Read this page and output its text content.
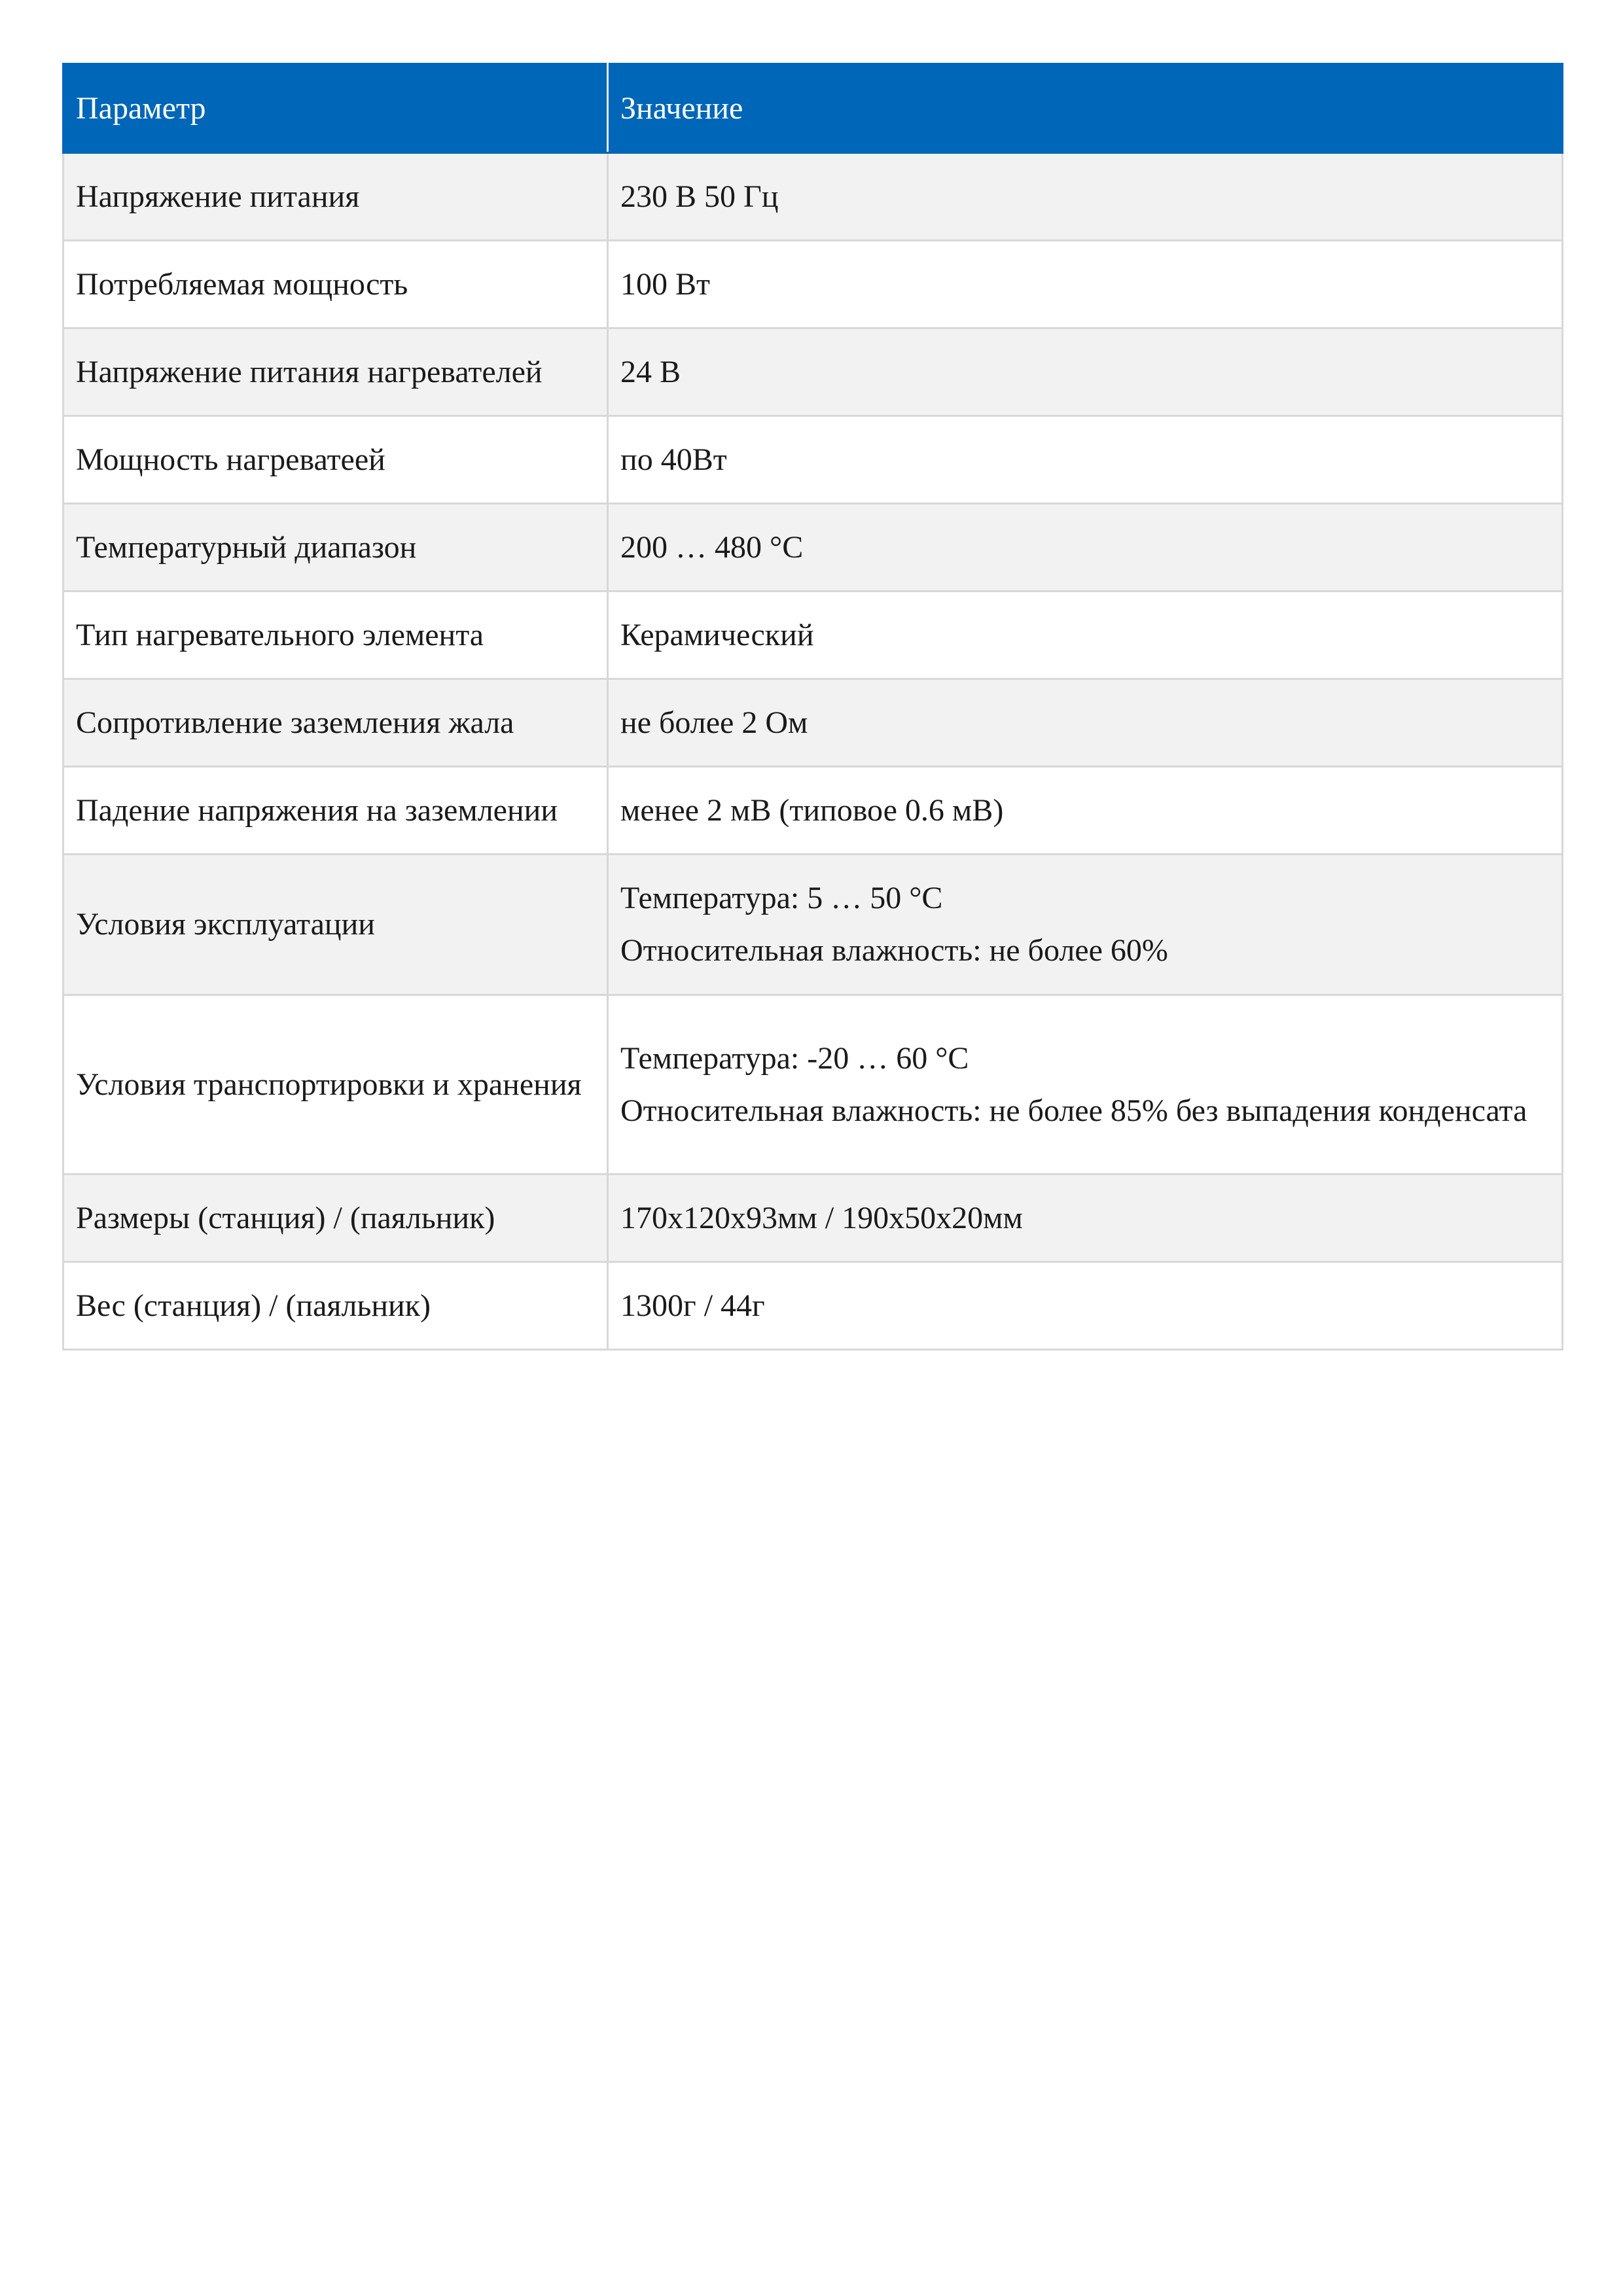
Параметр	Значение
Напряжение питания	230 В 50 Гц

Потребляемая мощность	100 Вт

Напряжение питания нагревателей	24 В

Мощность нагреватеей	по 40Вт

Температурный диапазон	200 … 480 °C

Тип нагревательного элемента	Керамический

Сопротивление заземления жала	не более 2 Ом

Падение напряжения на заземлении	менее 2 мВ (типовое 0.6 мВ)

Условия эксплуатации	Температура: 5 … 50 °C
Относительная влажность: не более 60%

Условия транспортировки и хранения	Температура: -20 … 60 °C
Относительная влажность: не более 85% без выпадения конденсата

Размеры (станция) / (паяльник)	170х120х93мм / 190х50х20мм

Вес (станция) / (паяльник)	1300г / 44г
